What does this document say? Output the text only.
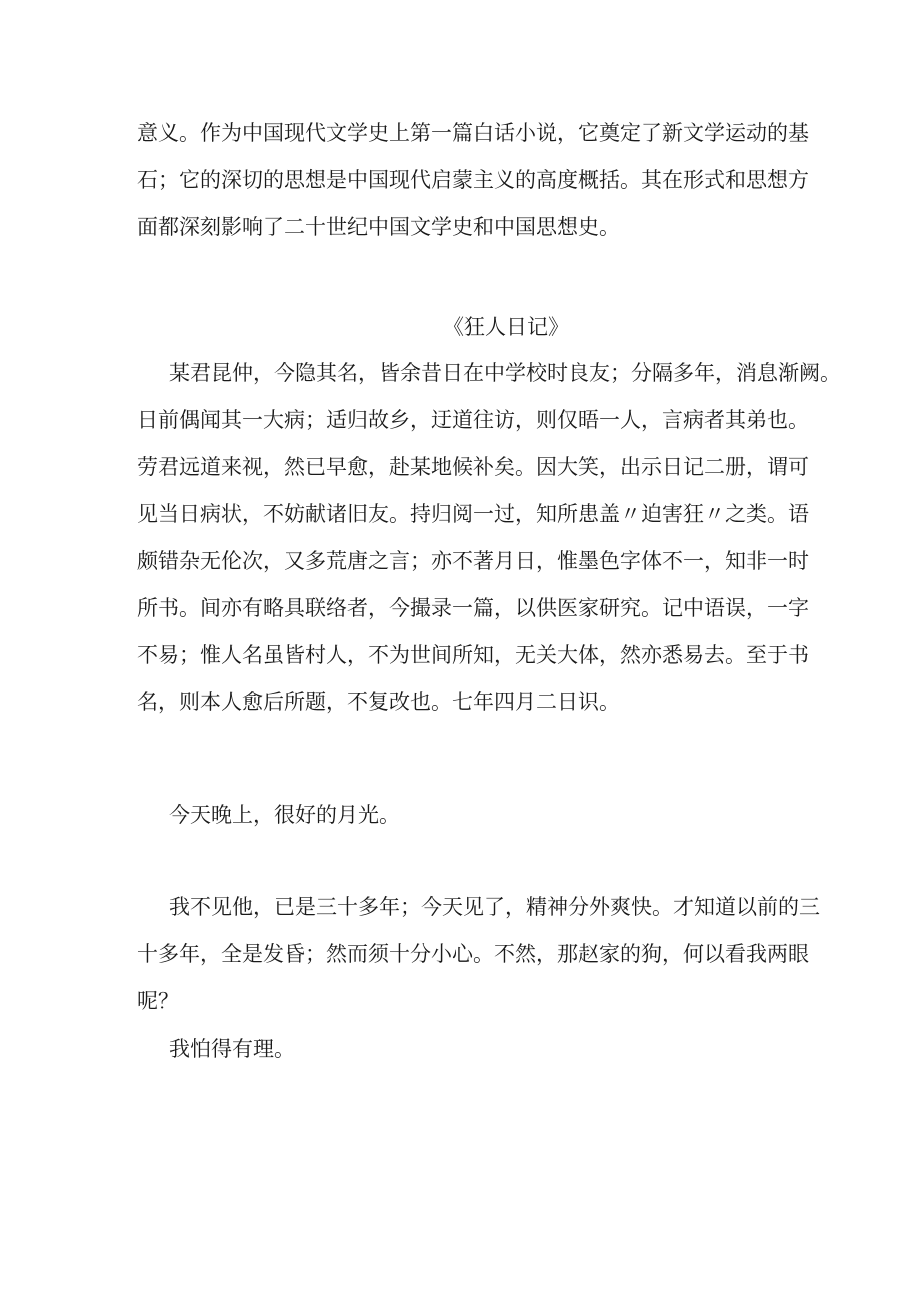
意义。作为中国现代文学史上第一篇白话小说，它奠定了新文学运动的基
石；它的深切的思想是中国现代启蒙主义的高度概括。其在形式和思想方
面都深刻影响了二十世纪中国文学史和中国思想史。

《狂人日记》

某君昆仲，今隐其名，皆余昔日在中学校时良友；分隔多年，消息渐阙。
日前偶闻其一大病；适归故乡，迂道往访，则仅晤一人，言病者其弟也。
劳君远道来视，然已早愈，赴某地候补矣。因大笑，出示日记二册，谓可
见当日病状，不妨献诸旧友。持归阅一过，知所患盖〃迫害狂〃之类。语
颇错杂无伦次，又多荒唐之言；亦不著月日，惟墨色字体不一，知非一时
所书。间亦有略具联络者，今撮录一篇，以供医家研究。记中语误，一字
不易；惟人名虽皆村人，不为世间所知，无关大体，然亦悉易去。至于书
名，则本人愈后所题，不复改也。七年四月二日识。

今天晚上，很好的月光。

我不见他，已是三十多年；今天见了，精神分外爽快。才知道以前的三
十多年，全是发昏；然而须十分小心。不然，那赵家的狗，何以看我两眼
呢？

我怕得有理。
